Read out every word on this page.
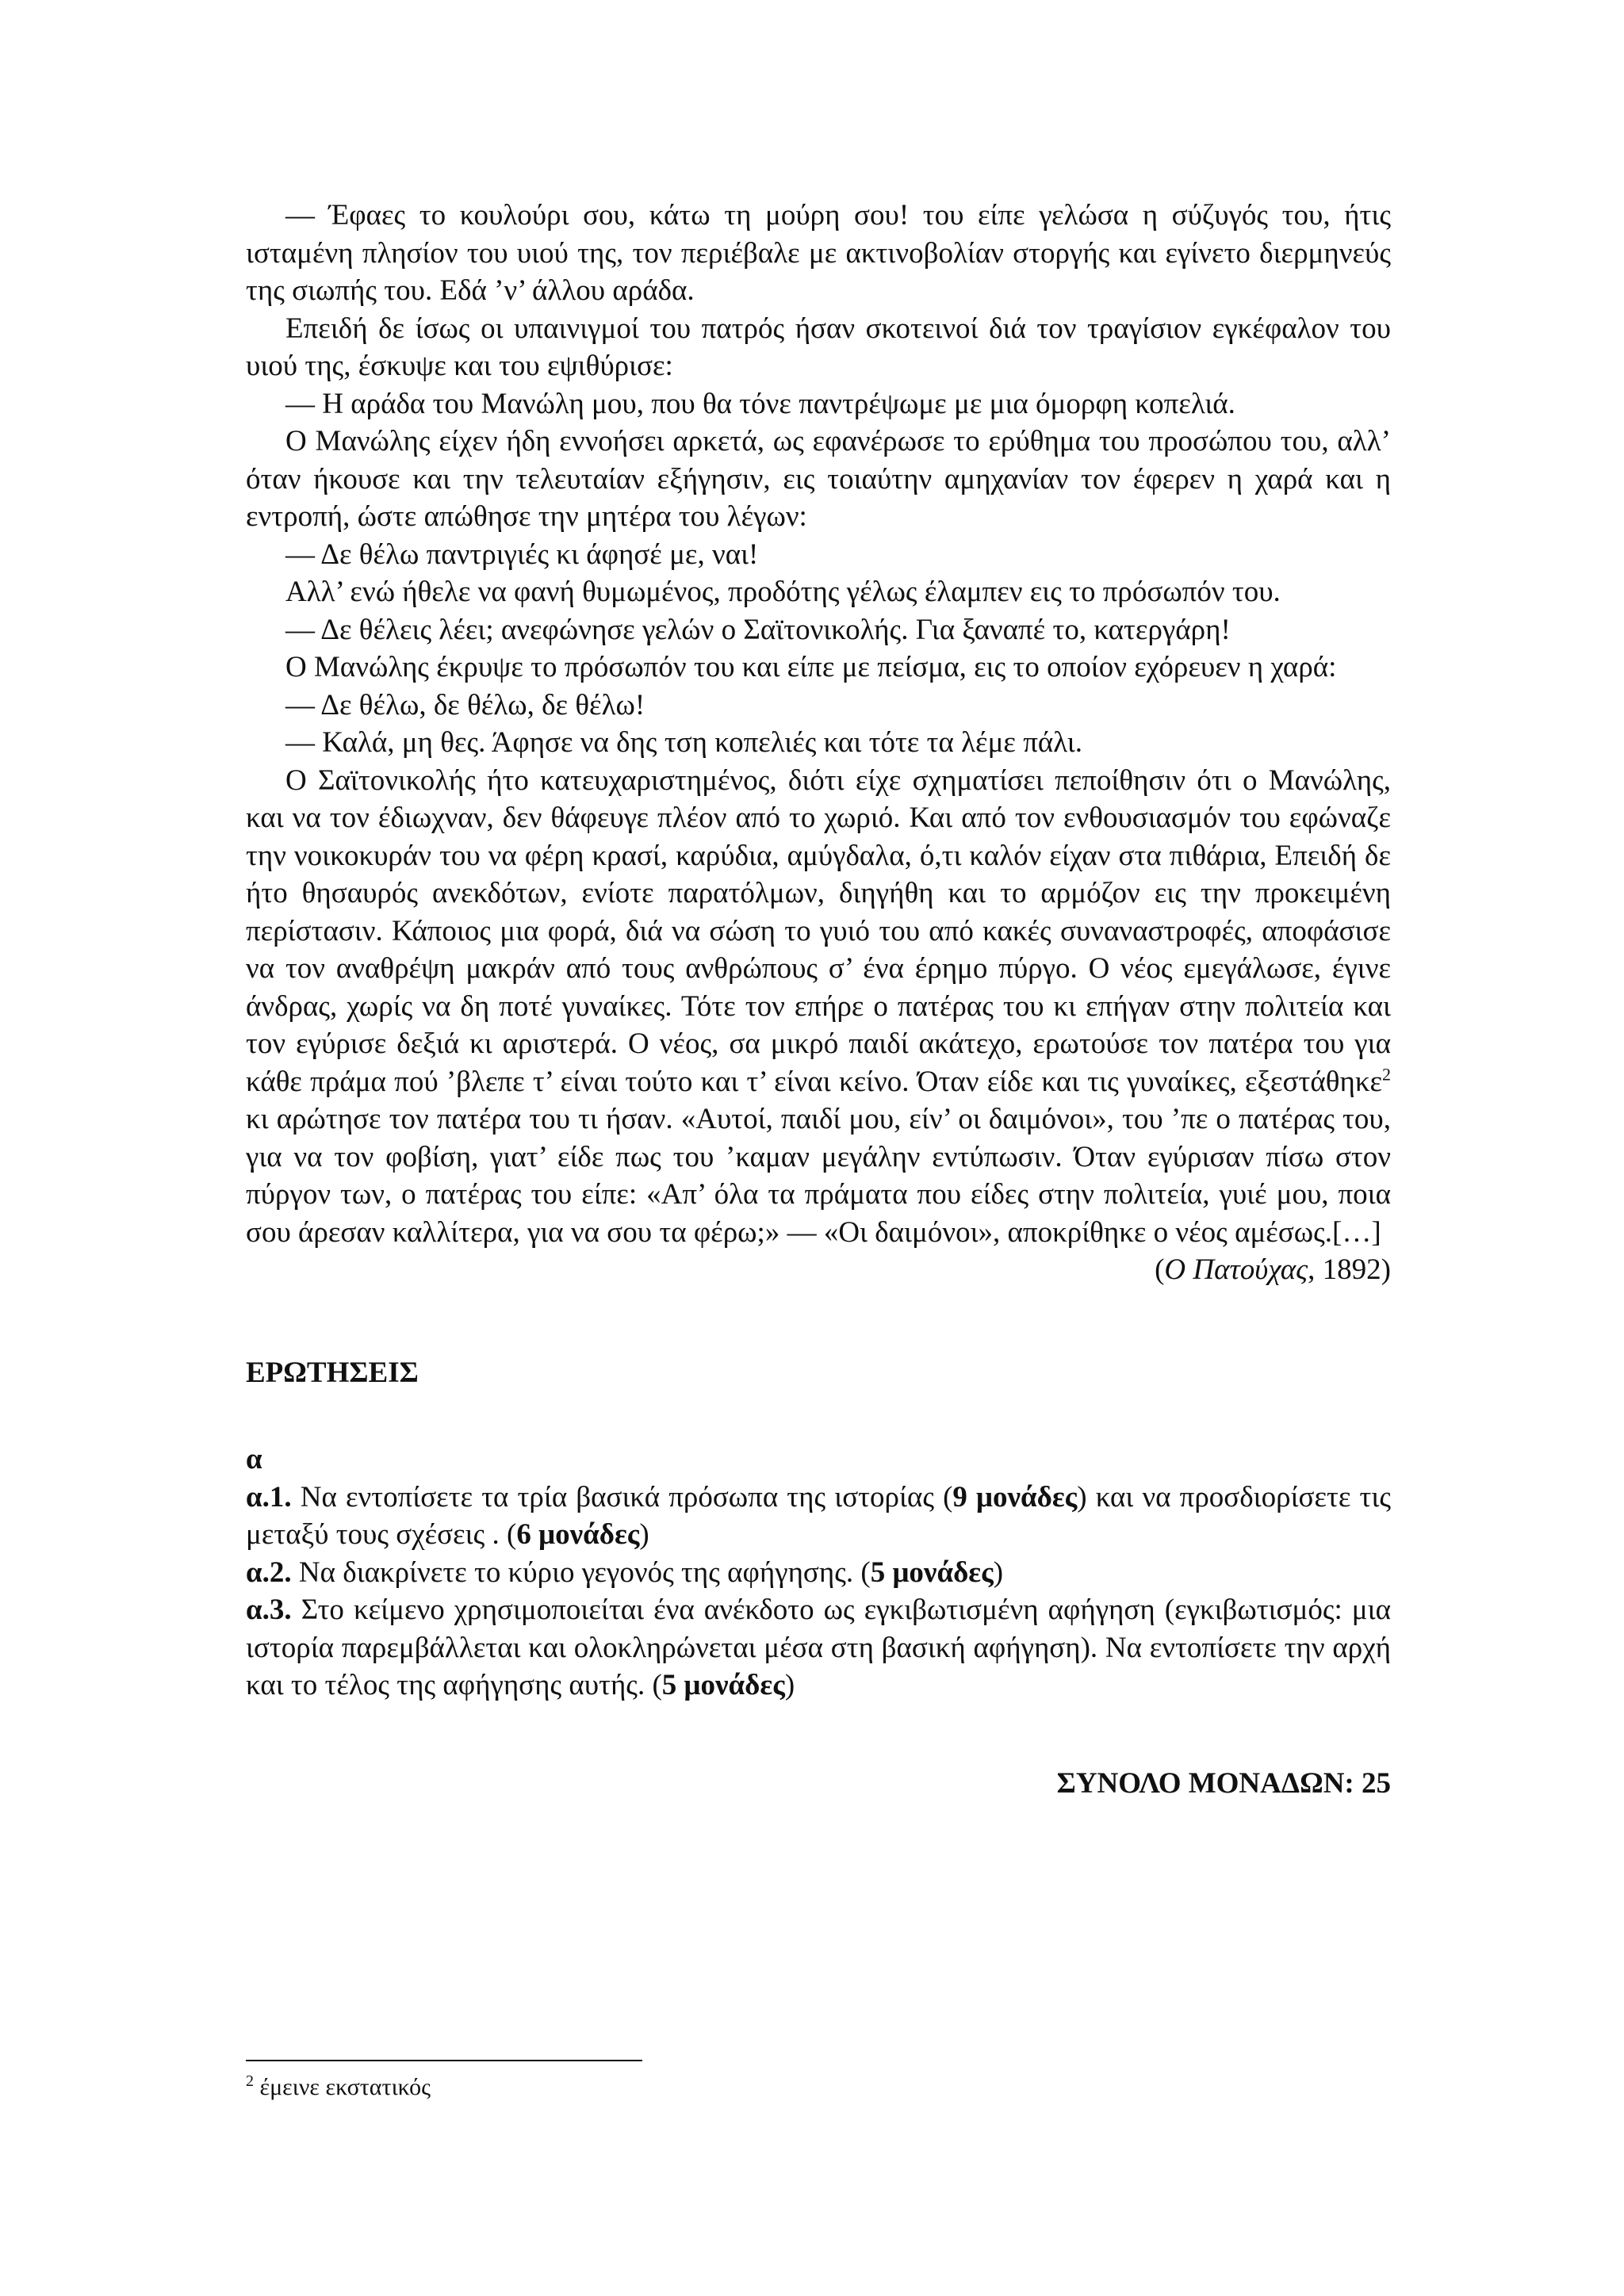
— Έφαες το κουλούρι σου, κάτω τη μούρη σου! του είπε γελώσα η σύζυγός του, ήτις ισταμένη πλησίον του υιού της, τον περιέβαλε με ακτινοβολίαν στοργής και εγίνετο διερμηνεύς της σιωπής του. Εδά ’ν’ άλλου αράδα.

Επειδή δε ίσως οι υπαινιγμοί του πατρός ήσαν σκοτεινοί διά τον τραγίσιον εγκέφαλον του υιού της, έσκυψε και του εψιθύρισε:

— Η αράδα του Μανώλη μου, που θα τόνε παντρέψωμε με μια όμορφη κοπελιά.

Ο Μανώλης είχεν ήδη εννοήσει αρκετά, ως εφανέρωσε το ερύθημα του προσώπου του, αλλ’ όταν ήκουσε και την τελευταίαν εξήγησιν, εις τοιαύτην αμηχανίαν τον έφερεν η χαρά και η εντροπή, ώστε απώθησε την μητέρα του λέγων:

— Δε θέλω παντριγιές κι άφησέ με, ναι!

Αλλ’ ενώ ήθελε να φανή θυμωμένος, προδότης γέλως έλαμπεν εις το πρόσωπόν του.

— Δε θέλεις λέει; ανεφώνησε γελών ο Σαϊτονικολής. Για ξαναπέ το, κατεργάρη!

Ο Μανώλης έκρυψε το πρόσωπόν του και είπε με πείσμα, εις το οποίον εχόρευεν η χαρά:

— Δε θέλω, δε θέλω, δε θέλω!

— Καλά, μη θες. Άφησε να δης τση κοπελιές και τότε τα λέμε πάλι.

Ο Σαϊτονικολής ήτο κατευχαριστημένος, διότι είχε σχηματίσει πεποίθησιν ότι ο Μανώλης, και να τον έδιωχναν, δεν θάφευγε πλέον από το χωριό. Και από τον ενθουσιασμόν του εφώναζε την νοικοκυράν του να φέρη κρασί, καρύδια, αμύγδαλα, ό,τι καλόν είχαν στα πιθάρια, Επειδή δε ήτο θησαυρός ανεκδότων, ενίοτε παρατόλμων, διηγήθη και το αρμόζον εις την προκειμένη περίστασιν. Κάποιος μια φορά, διά να σώση το γυιό του από κακές συναναστροφές, αποφάσισε να τον αναθρέψη μακράν από τους ανθρώπους σ’ ένα έρημο πύργο. Ο νέος εμεγάλωσε, έγινε άνδρας, χωρίς να δη ποτέ γυναίκες. Τότε τον επήρε ο πατέρας του κι επήγαν στην πολιτεία και τον εγύρισε δεξιά κι αριστερά. Ο νέος, σα μικρό παιδί ακάτεχο, ερωτούσε τον πατέρα του για κάθε πράμα πού ’βλεπε τ’ είναι τούτο και τ’ είναι κείνο. Όταν είδε και τις γυναίκες, εξεστάθηκε$^2$ κι αρώτησε τον πατέρα του τι ήσαν. «Αυτοί, παιδί μου, είν’ οι δαιμόνοι», του ’πε ο πατέρας του, για να τον φοβίση, γιατ’ είδε πως του ’καμαν μεγάλην εντύπωσιν. Όταν εγύρισαν πίσω στον πύργον των, ο πατέρας του είπε: «Απ’ όλα τα πράματα που είδες στην πολιτεία, γυιέ μου, ποια σου άρεσαν καλλίτερα, για να σου τα φέρω;» — «Οι δαιμόνοι», αποκρίθηκε ο νέος αμέσως.[…]

(Ο Πατούχας, 1892)

ΕΡΩΤΗΣΕΙΣ
α

α.1. Να εντοπίσετε τα τρία βασικά πρόσωπα της ιστορίας (9 μονάδες) και να προσδιορίσετε τις μεταξύ τους σχέσεις . (6 μονάδες)

α.2. Να διακρίνετε το κύριο γεγονός της αφήγησης. (5 μονάδες)

α.3. Στο κείμενο χρησιμοποιείται ένα ανέκδοτο ως εγκιβωτισμένη αφήγηση (εγκιβωτισμός: μια ιστορία παρεμβάλλεται και ολοκληρώνεται μέσα στη βασική αφήγηση). Να εντοπίσετε την αρχή και το τέλος της αφήγησης αυτής. (5 μονάδες)

ΣΥΝΟΛΟ ΜΟΝΑΔΩΝ: 25
$^2$ έμεινε εκστατικός
